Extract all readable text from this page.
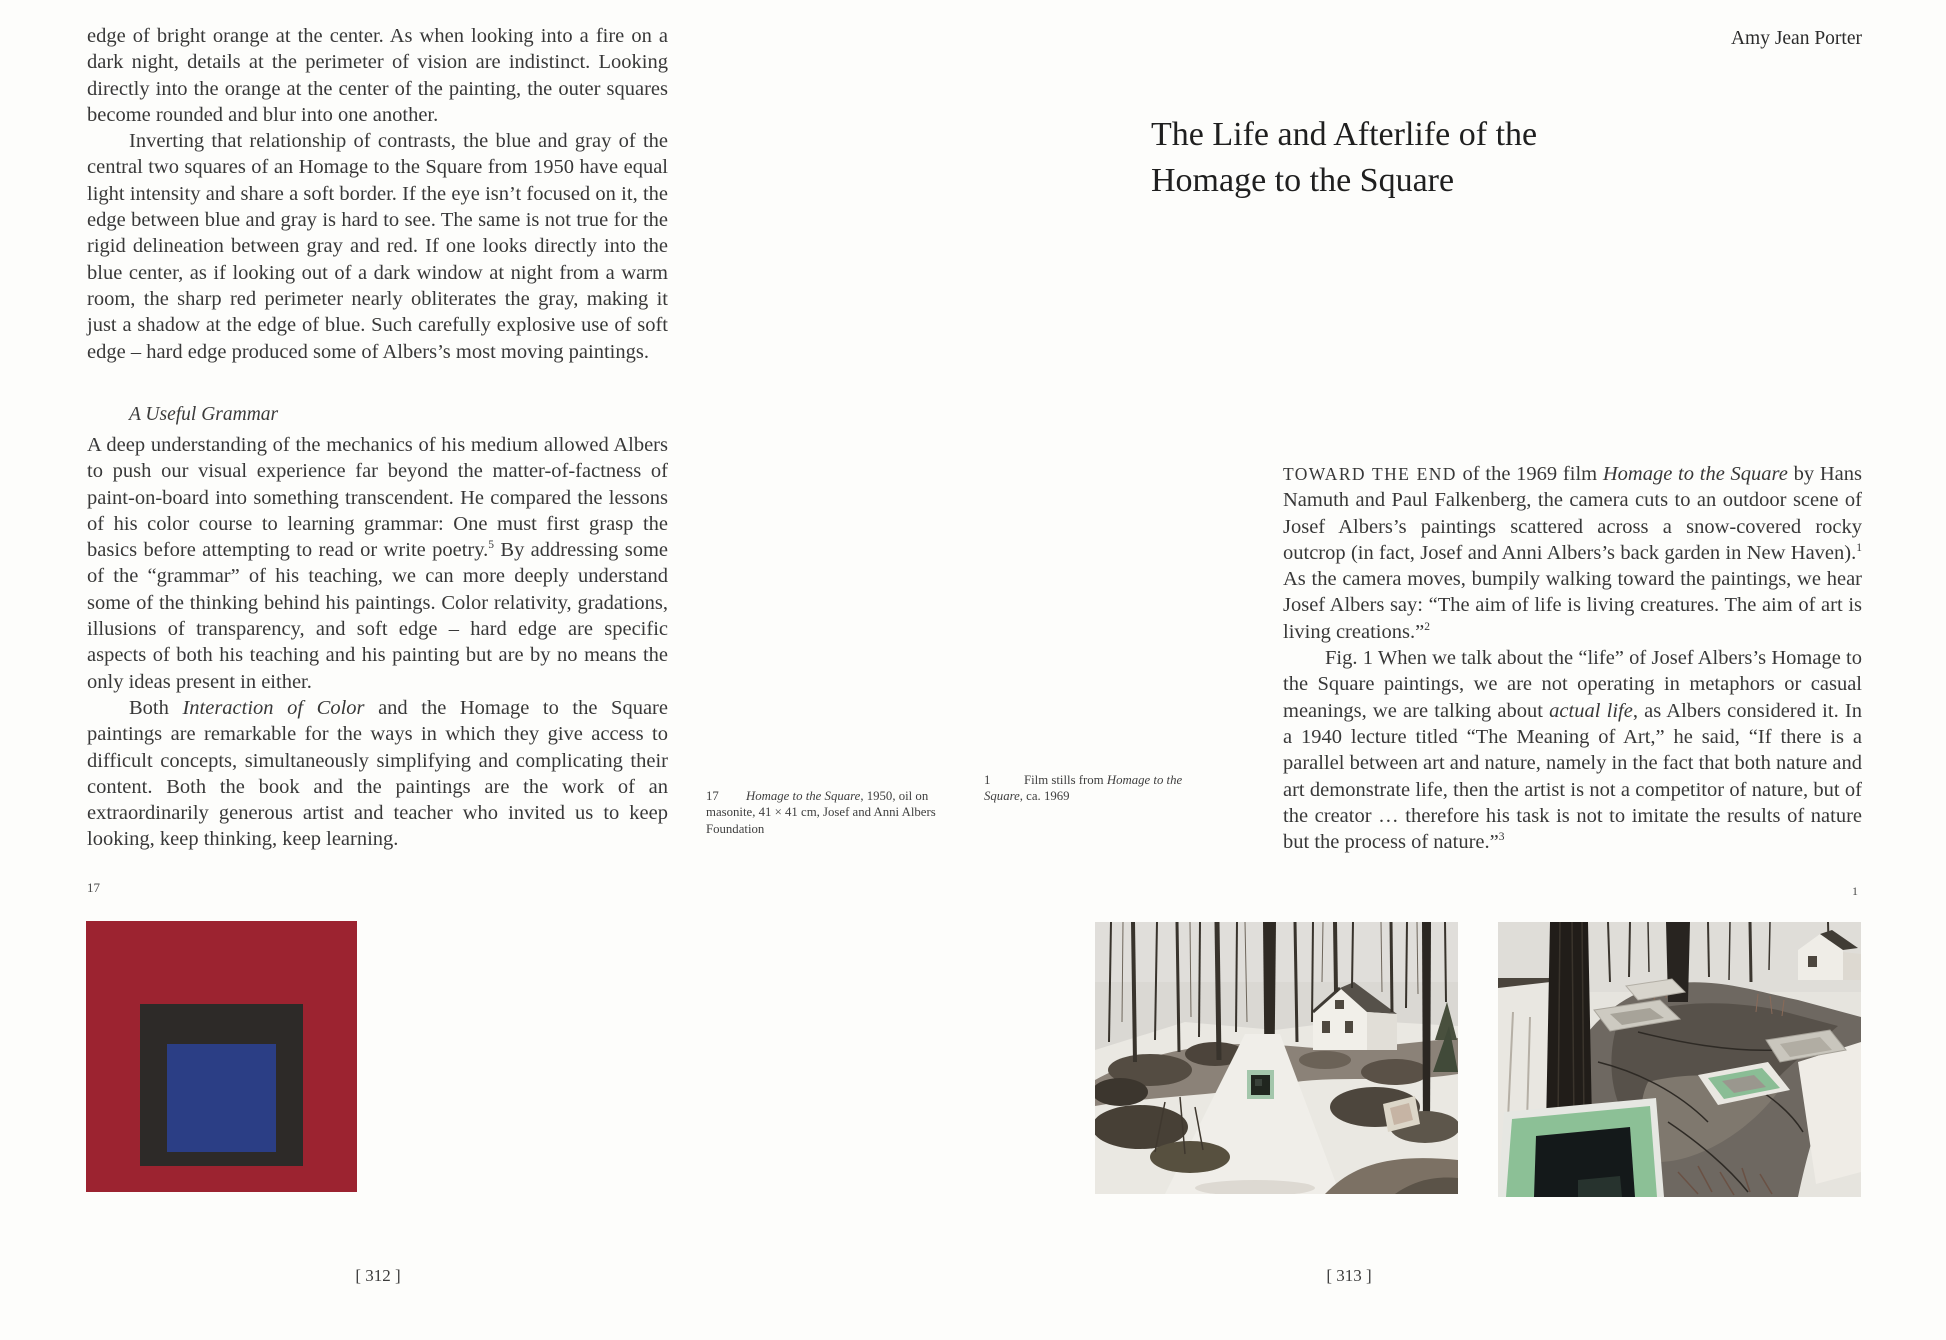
edge of bright orange at the center. As when looking into a fire on a dark night, details at the perimeter of vision are indistinct. Looking directly into the orange at the center of the painting, the outer squares become rounded and blur into one another.

Inverting that relationship of contrasts, the blue and gray of the central two squares of an Homage to the Square from 1950 have equal light intensity and share a soft border. If the eye isn’t focused on it, the edge between blue and gray is hard to see. The same is not true for the rigid delineation between gray and red. If one looks directly into the blue center, as if looking out of a dark window at night from a warm room, the sharp red perimeter nearly obliterates the gray, making it just a shadow at the edge of blue. Such carefully explosive use of soft edge – hard edge produced some of Albers’s most moving paintings.

A Useful Grammar

A deep understanding of the mechanics of his medium allowed Albers to push our visual experience far beyond the matter-of-factness of paint-on-board into something transcendent. He compared the lessons of his color course to learning grammar: One must first grasp the basics before attempting to read or write poetry.$^5$ By addressing some of the “grammar” of his teaching, we can more deeply understand some of the thinking behind his paintings. Color relativity, gradations, illusions of transparency, and soft edge – hard edge are specific aspects of both his teaching and his painting but are by no means the only ideas present in either.

Both Interaction of Color and the Homage to the Square paintings are remarkable for the ways in which they give access to difficult concepts, simultaneously simplifying and complicating their content. Both the book and the paintings are the work of an extraordinarily generous artist and teacher who invited us to keep looking, keep thinking, keep learning.

17
17 Homage to the Square, 1950, oil on masonite, 41 × 41 cm, Josef and Anni Albers Foundation
[ 312 ]
Amy Jean Porter
The Life and Afterlife of the
Homage to the Square

TOWARD THE END of the 1969 film Homage to the Square by Hans Namuth and Paul Falkenberg, the camera cuts to an outdoor scene of Josef Albers’s paintings scattered across a snow-covered rocky outcrop (in fact, Josef and Anni Albers’s back garden in New Haven).$^1$ As the camera moves, bumpily walking toward the paintings, we hear Josef Albers say: “The aim of life is living creatures. The aim of art is living creations.”$^2$

Fig. 1 When we talk about the “life” of Josef Albers’s Homage to the Square paintings, we are not operating in metaphors or casual meanings, we are talking about actual life, as Albers considered it. In a 1940 lecture titled “The Meaning of Art,” he said, “If there is a parallel between art and nature, namely in the fact that both nature and art demonstrate life, then the artist is not a competitor of nature, but of the creator … therefore his task is not to imitate the results of nature but the process of nature.”$^3$

1	Film stills from Homage to the Square, ca. 1969
1
[ 313 ]
